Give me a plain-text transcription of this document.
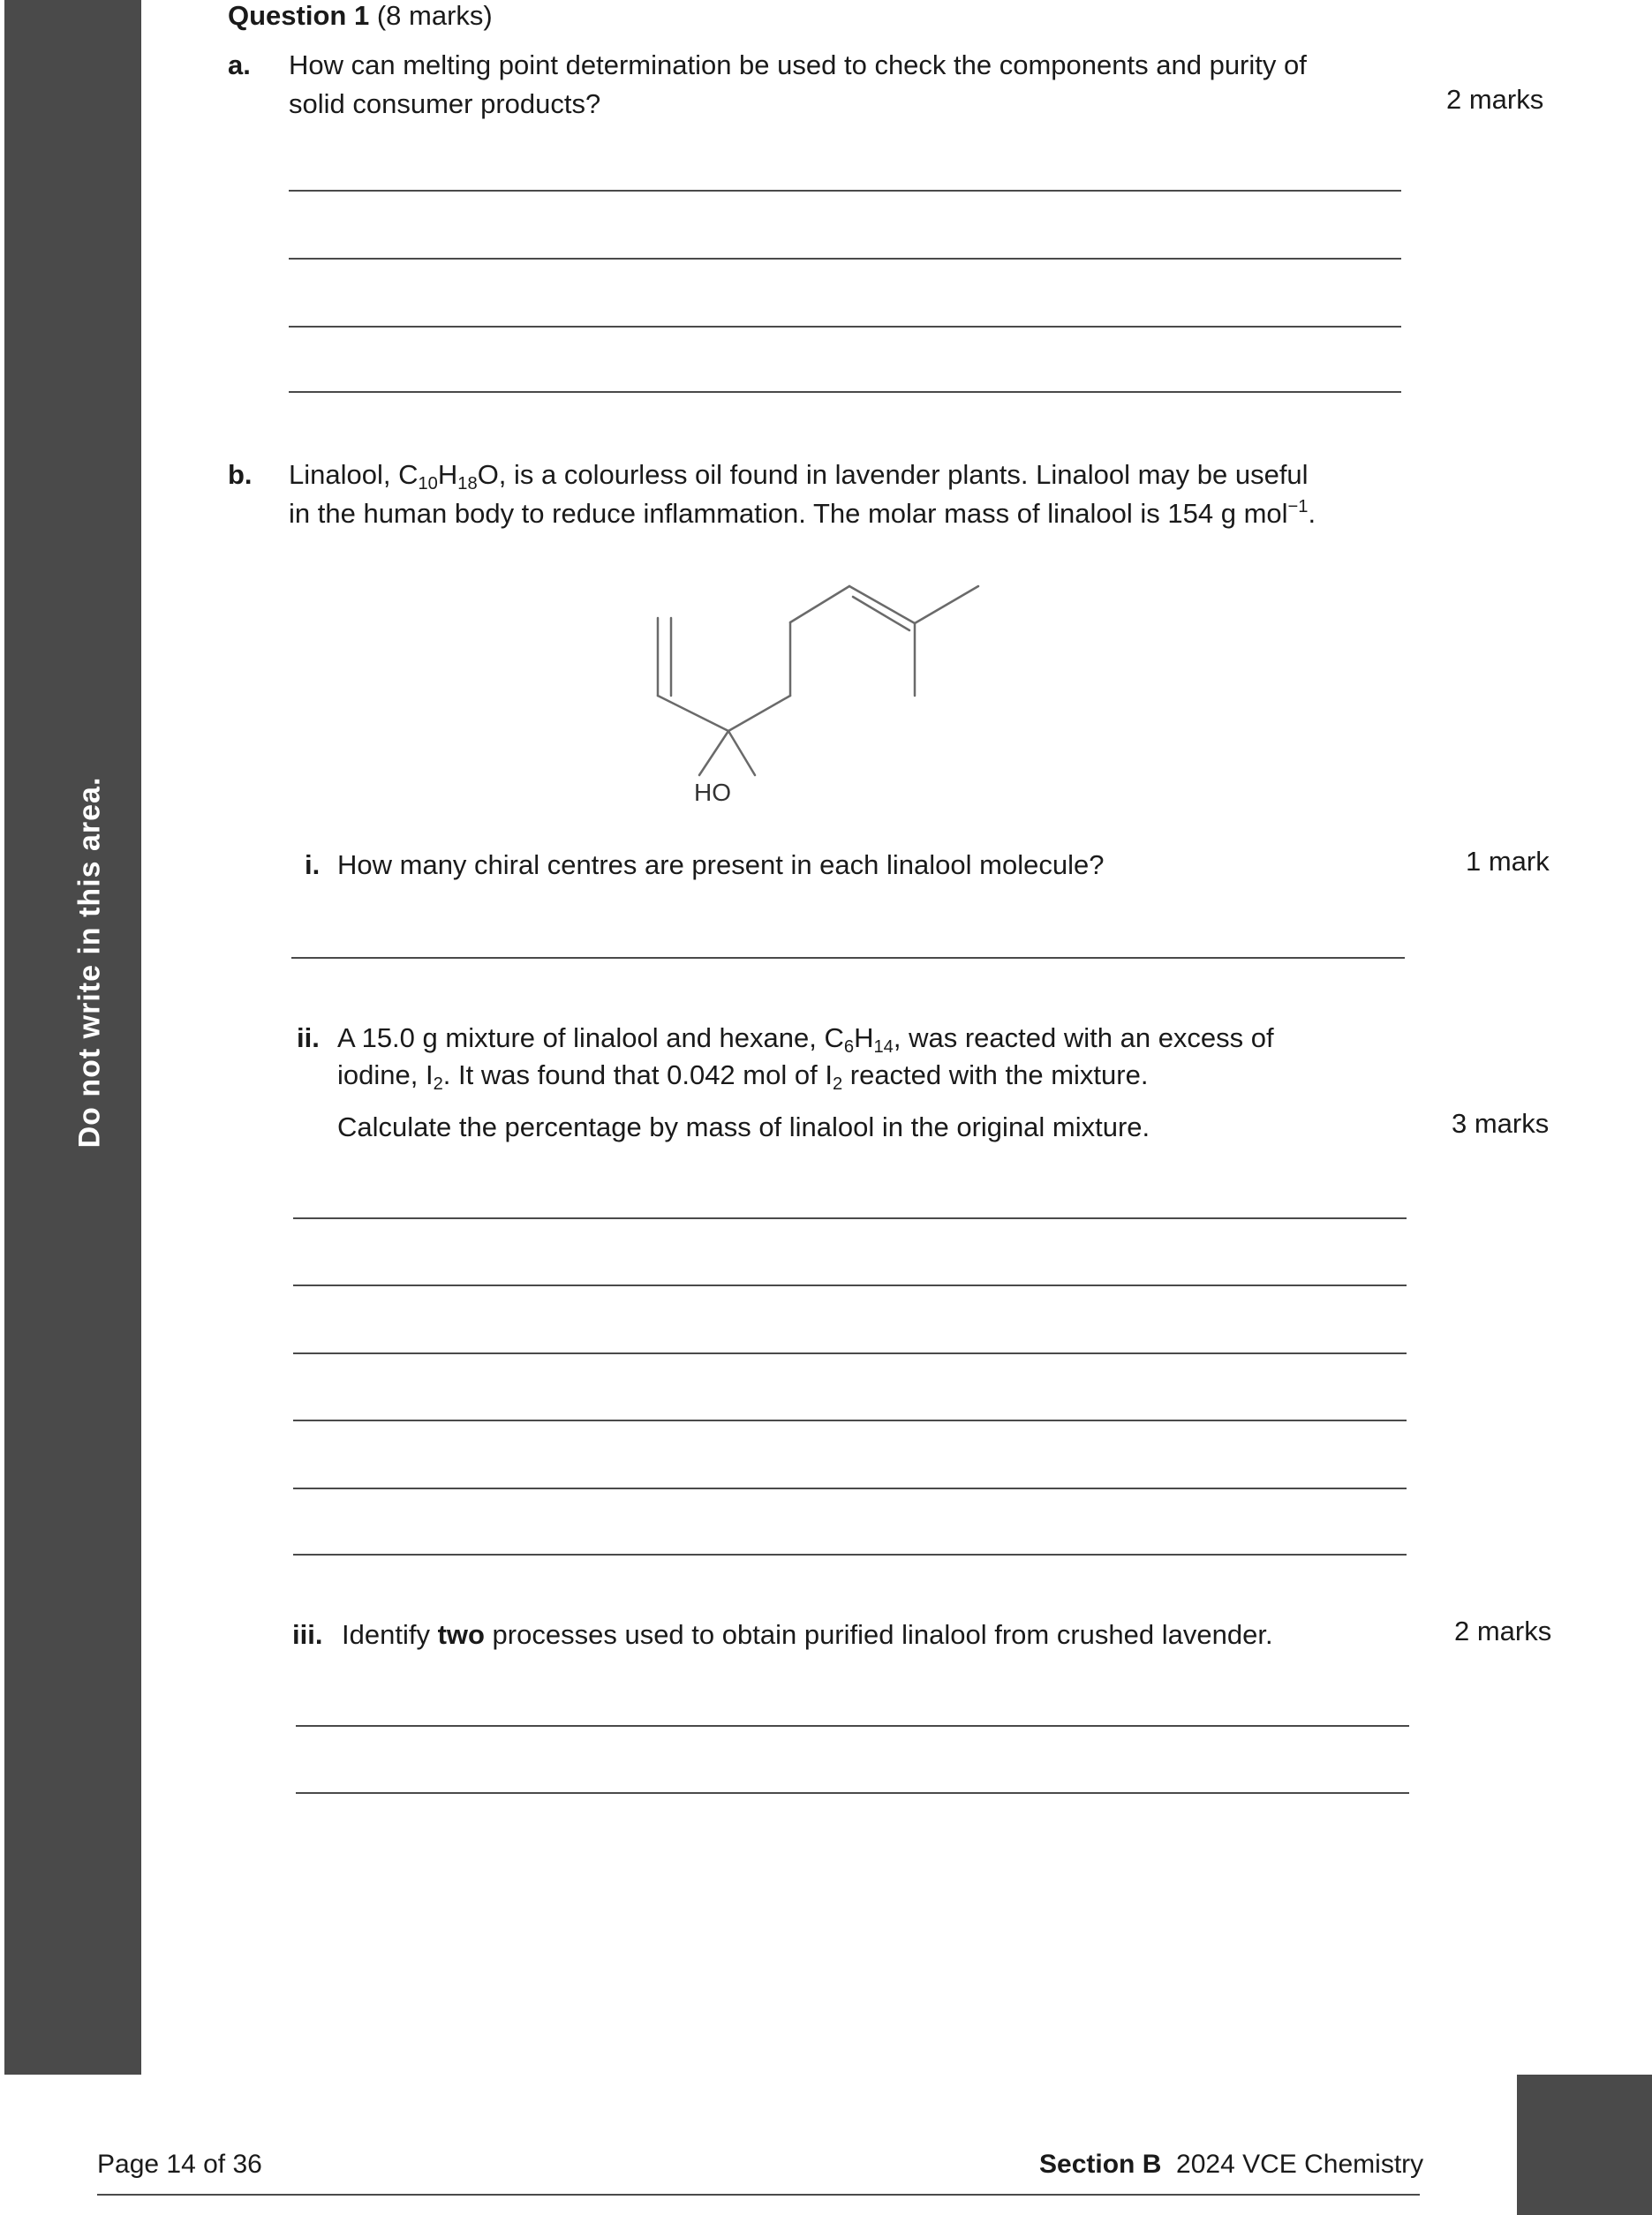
Do not write in this area.
Question 1 (8 marks)
a. How can melting point determination be used to check the components and purity of
solid consumer products?	2 marks
b. Linalool, $C_{10}H_{18}O$, is a colourless oil found in lavender plants. Linalool may be useful
in the human body to reduce inflammation. The molar mass of linalool is 154 g mol$^{-1}$.
HO
i. How many chiral centres are present in each linalool molecule?	1 mark
ii. A 15.0 g mixture of linalool and hexane, $C_6H_{14}$, was reacted with an excess of
iodine, $I_2$. It was found that 0.042 mol of $I_2$ reacted with the mixture.
Calculate the percentage by mass of linalool in the original mixture.	3 marks
iii. Identify two processes used to obtain purified linalool from crushed lavender.	2 marks
Page 14 of 36	Section B 2024 VCE Chemistry
